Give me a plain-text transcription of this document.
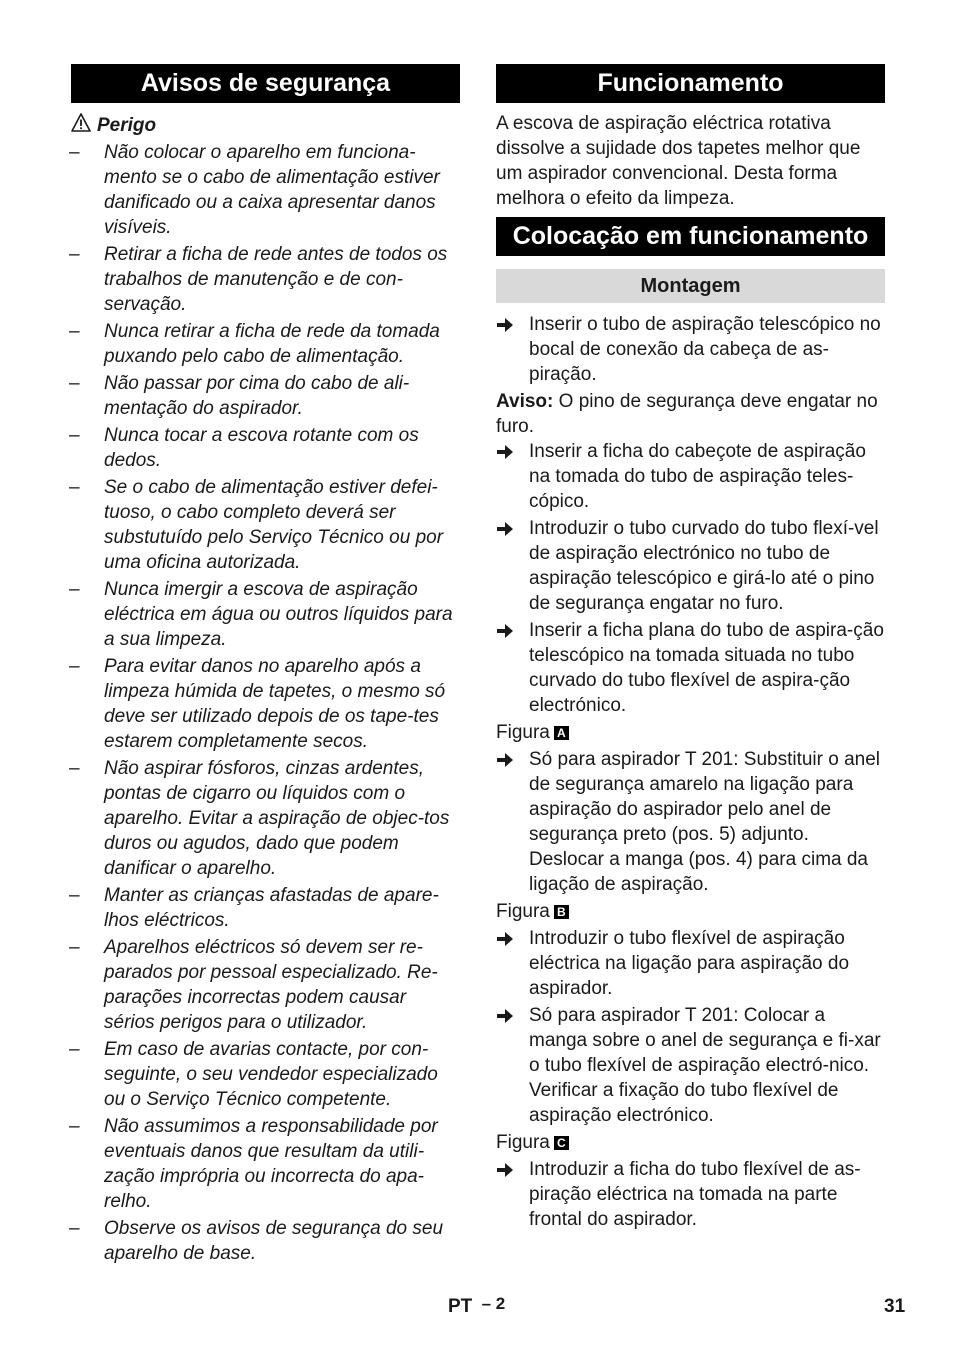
Avisos de segurança
Perigo
– Não colocar o aparelho em funciona-mento se o cabo de alimentação estiver danificado ou a caixa apresentar danos visíveis.
– Retirar a ficha de rede antes de todos os trabalhos de manutenção e de con-servação.
– Nunca retirar a ficha de rede da tomada puxando pelo cabo de alimentação.
– Não passar por cima do cabo de ali-mentação do aspirador.
– Nunca tocar a escova rotante com os dedos.
– Se o cabo de alimentação estiver defei-tuoso, o cabo completo deverá ser substutuído pelo Serviço Técnico ou por uma oficina autorizada.
– Nunca imergir a escova de aspiração eléctrica em água ou outros líquidos para a sua limpeza.
– Para evitar danos no aparelho após a limpeza húmida de tapetes, o mesmo só deve ser utilizado depois de os tape-tes estarem completamente secos.
– Não aspirar fósforos, cinzas ardentes, pontas de cigarro ou líquidos com o aparelho. Evitar a aspiração de objec-tos duros ou agudos, dado que podem danificar o aparelho.
– Manter as crianças afastadas de apare-lhos eléctricos.
– Aparelhos eléctricos só devem ser re-parados por pessoal especializado. Re-parações incorrectas podem causar sérios perigos para o utilizador.
– Em caso de avarias contacte, por con-seguinte, o seu vendedor especializado ou o Serviço Técnico competente.
– Não assumimos a responsabilidade por eventuais danos que resultam da utili-zação imprópria ou incorrecta do apa-relho.
– Observe os avisos de segurança do seu aparelho de base.
Funcionamento

A escova de aspiração eléctrica rotativa dissolve a sujidade dos tapetes melhor que um aspirador convencional. Desta forma melhora o efeito da limpeza.

Colocação em funcionamento
Montagem
Inserir o tubo de aspiração telescópico no bocal de conexão da cabeça de as-piração.

Aviso: O pino de segurança deve engatar no furo.

Inserir a ficha do cabeçote de aspiração na tomada do tubo de aspiração teles-cópico.
Introduzir o tubo curvado do tubo flexí-vel de aspiração electrónico no tubo de aspiração telescópico e girá-lo até o pino de segurança engatar no furo.
Inserir a ficha plana do tubo de aspira-ção telescópico na tomada situada no tubo curvado do tubo flexível de aspira-ção electrónico.
Figura A
Só para aspirador T 201: Substituir o anel de segurança amarelo na ligação para aspiração do aspirador pelo anel de segurança preto (pos. 5) adjunto. Deslocar a manga (pos. 4) para cima da ligação de aspiração.
Figura B
Introduzir o tubo flexível de aspiração eléctrica na ligação para aspiração do aspirador.
Só para aspirador T 201: Colocar a manga sobre o anel de segurança e fi-xar o tubo flexível de aspiração electró-nico. Verificar a fixação do tubo flexível de aspiração electrónico.
Figura C
Introduzir a ficha do tubo flexível de as-piração eléctrica na tomada na parte frontal do aspirador.
PT – 2	31
